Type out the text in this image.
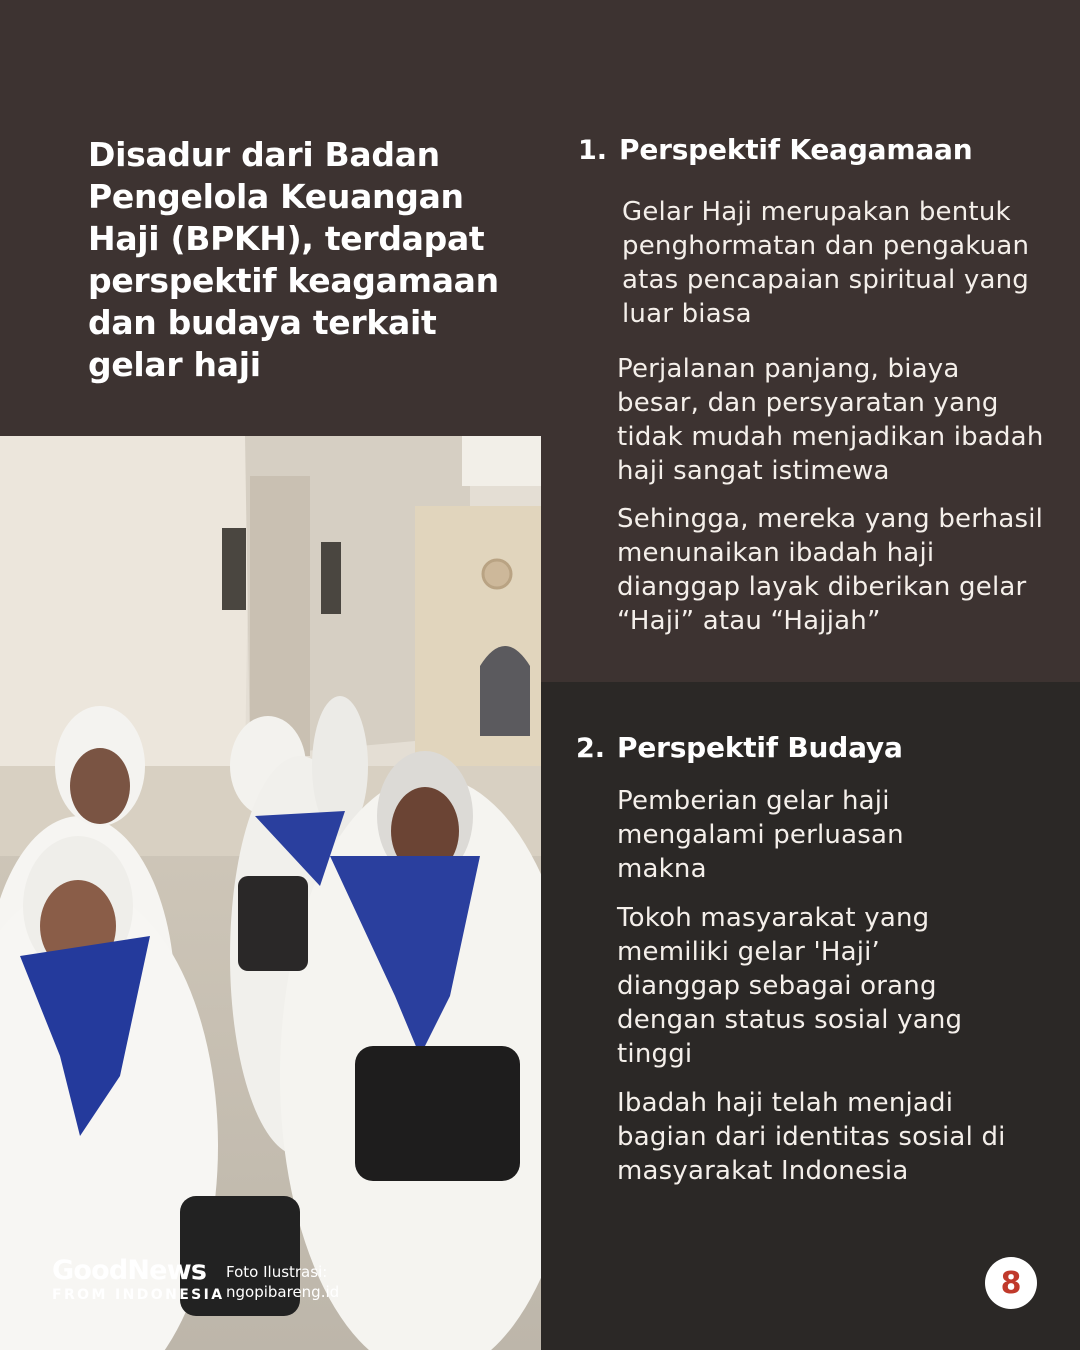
Disadur dari Badan Pengelola Keuangan Haji (BPKH), terdapat perspektif keagamaan dan budaya terkait gelar haji
1. Perspektif Keagamaan

Gelar Haji merupakan bentuk penghormatan dan pengakuan atas pencapaian spiritual yang luar biasa

Perjalanan panjang, biaya besar, dan persyaratan yang tidak mudah menjadikan ibadah haji sangat istimewa

Sehingga, mereka yang berhasil menunaikan ibadah haji dianggap layak diberikan gelar “Haji” atau “Hajjah”

2. Perspektif Budaya

Pemberian gelar haji mengalami perluasan makna

Tokoh masyarakat yang memiliki gelar 'Haji’ dianggap sebagai orang dengan status sosial yang tinggi

Ibadah haji telah menjadi bagian dari identitas sosial di masyarakat Indonesia

GoodNews
FROM INDONESIA
Foto Ilustrasi:
ngopibareng.id	8
